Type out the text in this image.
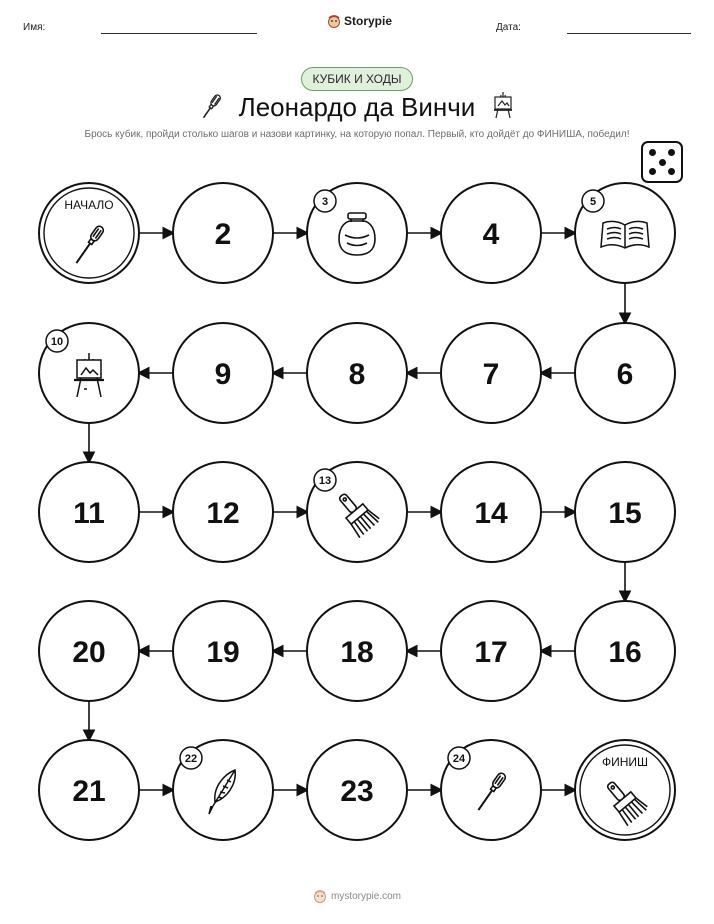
Имя:	Storypie	Дата:
КУБИК И ХОДЫ
Леонардо да Винчи
Брось кубик, пройди столько шагов и назови картинку, на которую попал. Первый, кто дойдёт до ФИНИША, победил!
НАЧАЛО
2
3
4
5
6
7
8
9
10
11	12
13
14	15
16
17
18
19
20
21
22
23
24	ФИНИШ
mystorypie.com
